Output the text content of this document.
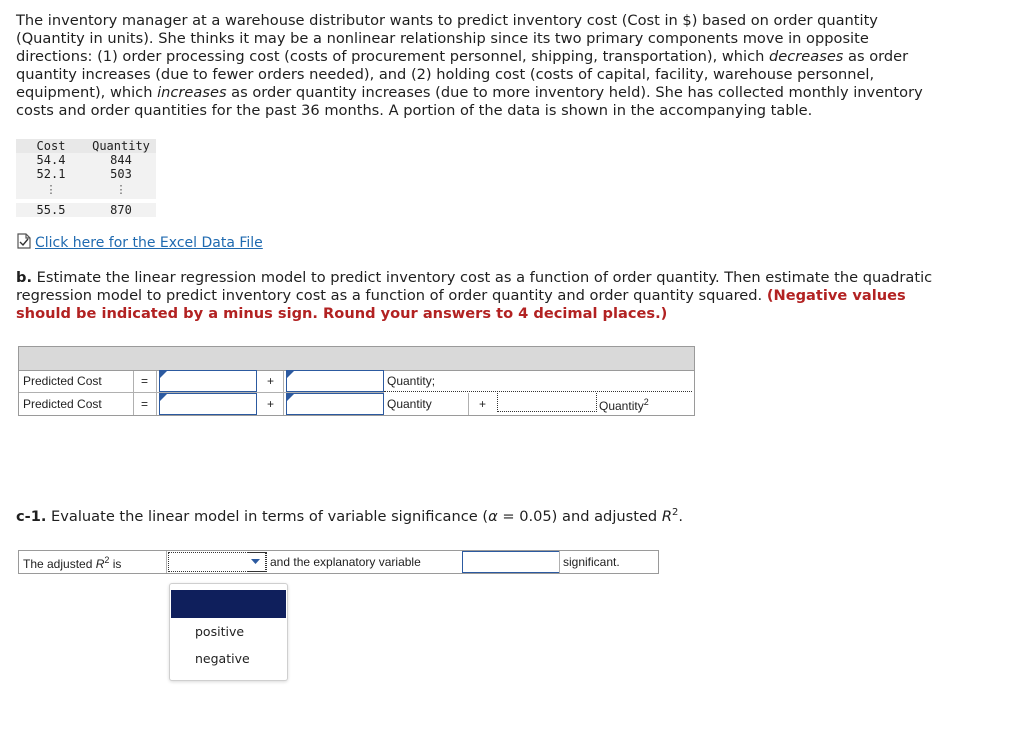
The inventory manager at a warehouse distributor wants to predict inventory cost (Cost in $) based on order quantity (Quantity in units). She thinks it may be a nonlinear relationship since its two primary components move in opposite directions: (1) order processing cost (costs of procurement personnel, shipping, transportation), which decreases as order quantity increases (due to fewer orders needed), and (2) holding cost (costs of capital, facility, warehouse personnel, equipment), which increases as order quantity increases (due to more inventory held). She has collected monthly inventory costs and order quantities for the past 36 months. A portion of the data is shown in the accompanying table.
Cost	Quantity
54.4	844
52.1	503
⋮	⋮

55.5	870
Click here for the Excel Data File
b. Estimate the linear regression model to predict inventory cost as a function of order quantity. Then estimate the quadratic regression model to predict inventory cost as a function of order quantity and order quantity squared. (Negative values should be indicated by a minus sign. Round your answers to 4 decimal places.)
Predicted Cost	=	+	Quantity;
Predicted Cost	=	+	Quantity	+	Quantity$^2$
c-1. Evaluate the linear model in terms of variable significance (α = 0.05) and adjusted $R^2$.
The adjusted $R^2$ is	and the explanatory variable	significant.
positive
negative
